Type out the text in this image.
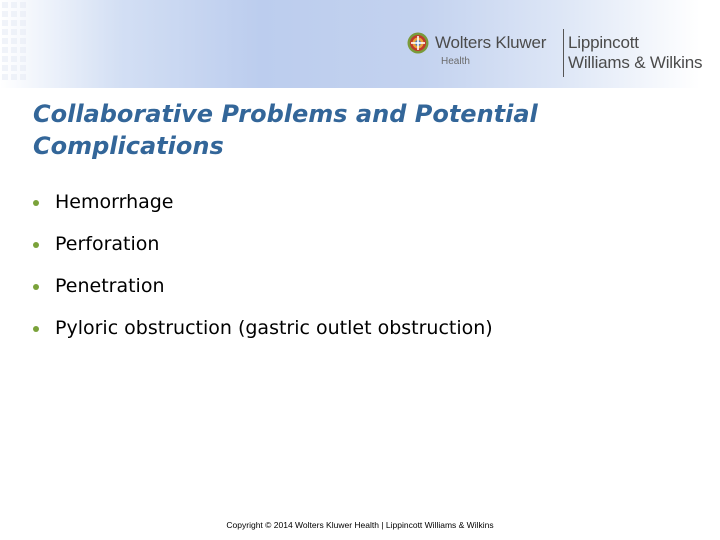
Wolters Kluwer
Health
Lippincott
Williams & Wilkins
Collaborative Problems and Potential
Complications
Hemorrhage
Perforation
Penetration
Pyloric obstruction (gastric outlet obstruction)
Copyright © 2014 Wolters Kluwer Health | Lippincott Williams & Wilkins
